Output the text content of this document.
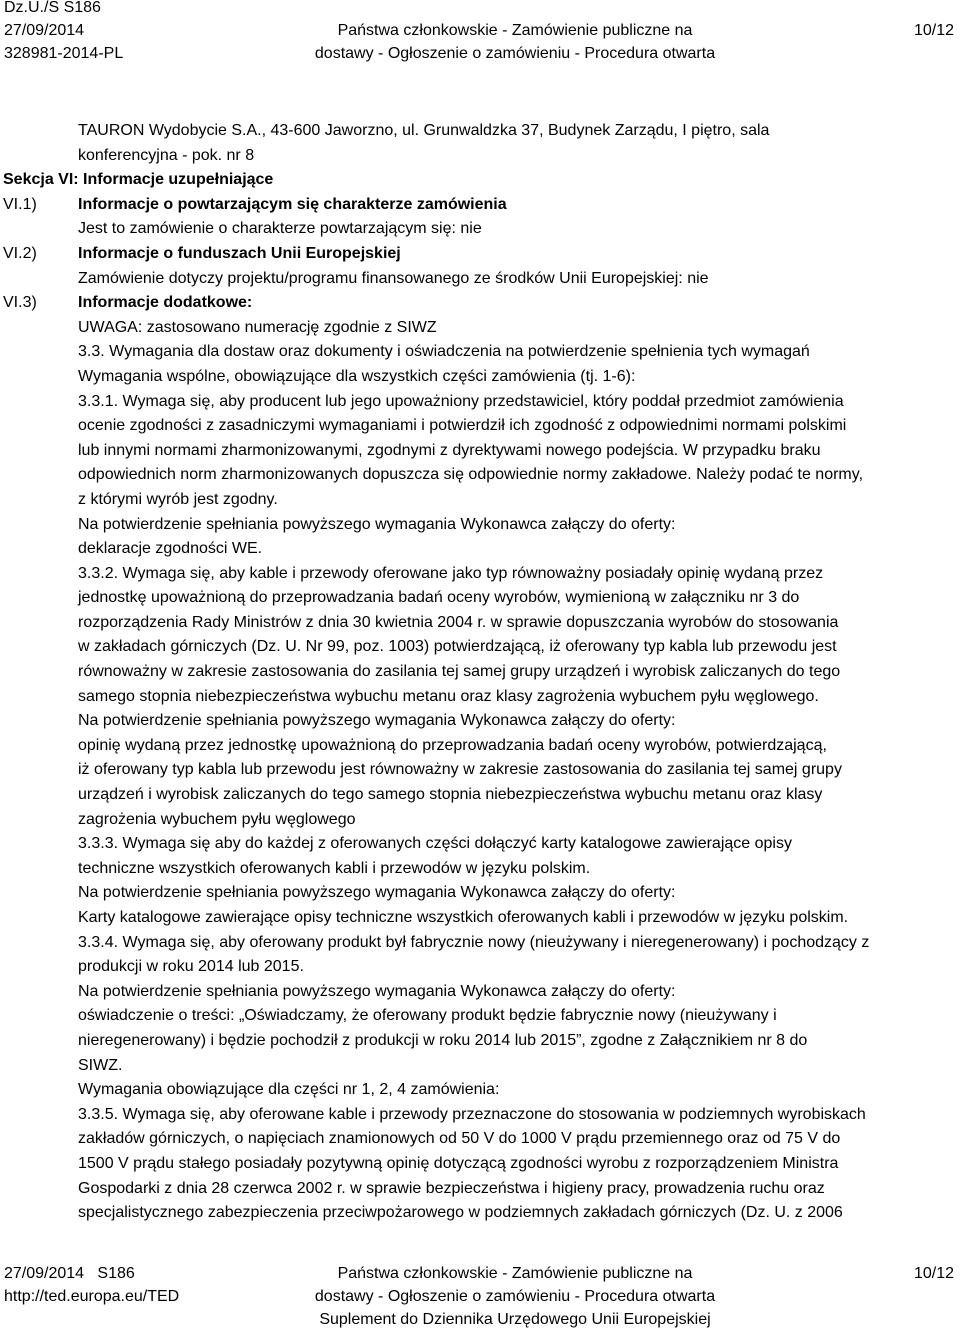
Dz.U./S S186
27/09/2014
328981-2014-PL
Państwa członkowskie - Zamówienie publiczne na
dostawy - Ogłoszenie o zamówieniu - Procedura otwarta
10/12
TAURON Wydobycie S.A., 43-600 Jaworzno, ul. Grunwaldzka 37, Budynek Zarządu, I piętro, sala
konferencyjna - pok. nr 8
Sekcja VI: Informacje uzupełniające
VI.1)	Informacje o powtarzającym się charakterze zamówienia
Jest to zamówienie o charakterze powtarzającym się: nie
VI.2)	Informacje o funduszach Unii Europejskiej
Zamówienie dotyczy projektu/programu finansowanego ze środków Unii Europejskiej: nie
VI.3)	Informacje dodatkowe:
UWAGA: zastosowano numerację zgodnie z SIWZ
3.3. Wymagania dla dostaw oraz dokumenty i oświadczenia na potwierdzenie spełnienia tych wymagań
Wymagania wspólne, obowiązujące dla wszystkich części zamówienia (tj. 1-6):
3.3.1. Wymaga się, aby producent lub jego upoważniony przedstawiciel, który poddał przedmiot zamówienia
ocenie zgodności z zasadniczymi wymaganiami i potwierdził ich zgodność z odpowiednimi normami polskimi
lub innymi normami zharmonizowanymi, zgodnymi z dyrektywami nowego podejścia. W przypadku braku
odpowiednich norm zharmonizowanych dopuszcza się odpowiednie normy zakładowe. Należy podać te normy,
z którymi wyrób jest zgodny.
Na potwierdzenie spełniania powyższego wymagania Wykonawca załączy do oferty:
deklaracje zgodności WE.
3.3.2. Wymaga się, aby kable i przewody oferowane jako typ równoważny posiadały opinię wydaną przez
jednostkę upoważnioną do przeprowadzania badań oceny wyrobów, wymienioną w załączniku nr 3 do
rozporządzenia Rady Ministrów z dnia 30 kwietnia 2004 r. w sprawie dopuszczania wyrobów do stosowania
w zakładach górniczych (Dz. U. Nr 99, poz. 1003) potwierdzającą, iż oferowany typ kabla lub przewodu jest
równoważny w zakresie zastosowania do zasilania tej samej grupy urządzeń i wyrobisk zaliczanych do tego
samego stopnia niebezpieczeństwa wybuchu metanu oraz klasy zagrożenia wybuchem pyłu węglowego.
Na potwierdzenie spełniania powyższego wymagania Wykonawca załączy do oferty:
opinię wydaną przez jednostkę upoważnioną do przeprowadzania badań oceny wyrobów, potwierdzającą,
iż oferowany typ kabla lub przewodu jest równoważny w zakresie zastosowania do zasilania tej samej grupy
urządzeń i wyrobisk zaliczanych do tego samego stopnia niebezpieczeństwa wybuchu metanu oraz klasy
zagrożenia wybuchem pyłu węglowego
3.3.3. Wymaga się aby do każdej z oferowanych części dołączyć karty katalogowe zawierające opisy
techniczne wszystkich oferowanych kabli i przewodów w języku polskim.
Na potwierdzenie spełniania powyższego wymagania Wykonawca załączy do oferty:
Karty katalogowe zawierające opisy techniczne wszystkich oferowanych kabli i przewodów w języku polskim.
3.3.4. Wymaga się, aby oferowany produkt był fabrycznie nowy (nieużywany i nieregenerowany) i pochodzący z
produkcji w roku 2014 lub 2015.
Na potwierdzenie spełniania powyższego wymagania Wykonawca załączy do oferty:
oświadczenie o treści: „Oświadczamy, że oferowany produkt będzie fabrycznie nowy (nieużywany i
nieregenerowany) i będzie pochodził z produkcji w roku 2014 lub 2015”, zgodne z Załącznikiem nr 8 do
SIWZ.
Wymagania obowiązujące dla części nr 1, 2, 4 zamówienia:
3.3.5. Wymaga się, aby oferowane kable i przewody przeznaczone do stosowania w podziemnych wyrobiskach
zakładów górniczych, o napięciach znamionowych od 50 V do 1000 V prądu przemiennego oraz od 75 V do
1500 V prądu stałego posiadały pozytywną opinię dotyczącą zgodności wyrobu z rozporządzeniem Ministra
Gospodarki z dnia 28 czerwca 2002 r. w sprawie bezpieczeństwa i higieny pracy, prowadzenia ruchu oraz
specjalistycznego zabezpieczenia przeciwpożarowego w podziemnych zakładach górniczych (Dz. U. z 2006
27/09/2014 S186
http://ted.europa.eu/TED
Państwa członkowskie - Zamówienie publiczne na
dostawy - Ogłoszenie o zamówieniu - Procedura otwarta
Suplement do Dziennika Urzędowego Unii Europejskiej
10/12
